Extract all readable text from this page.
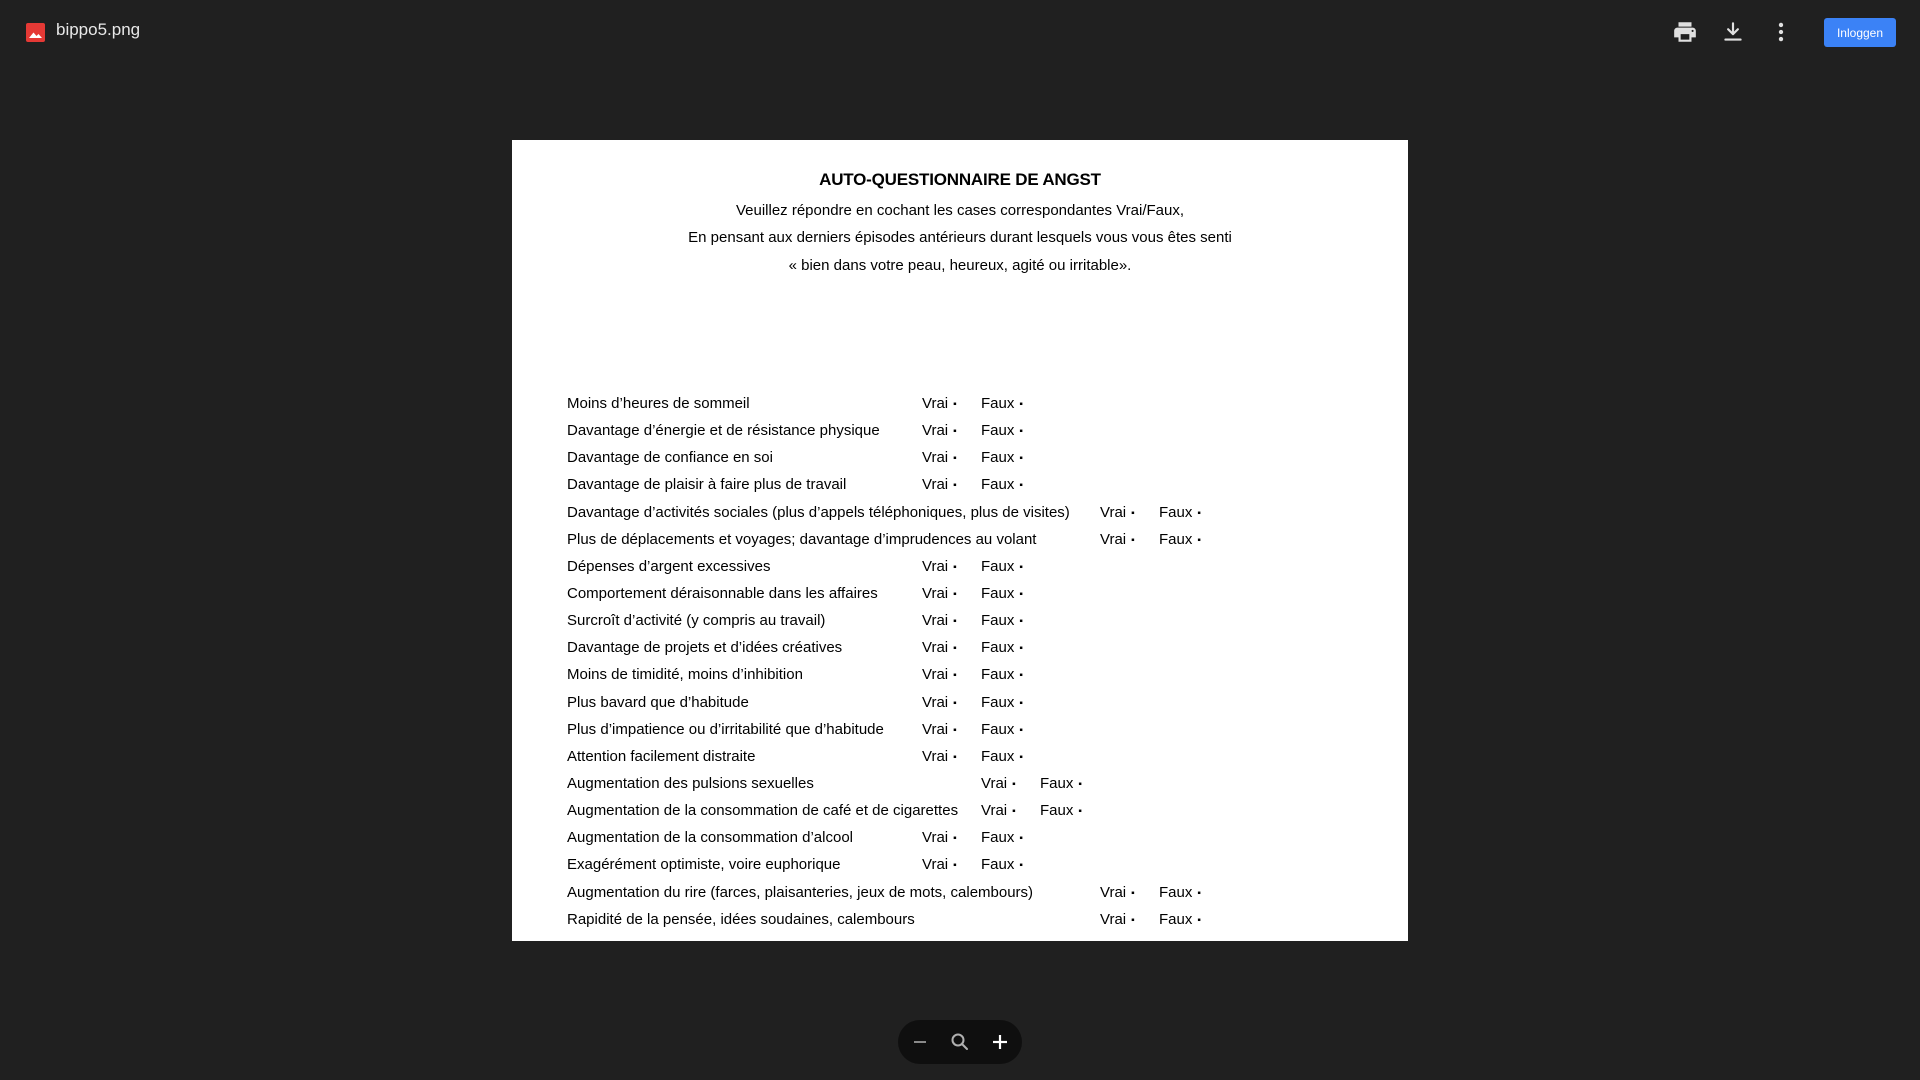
bippo5.png	Inloggen
AUTO-QUESTIONNAIRE DE ANGST
Veuillez répondre en cochant les cases correspondantes Vrai/Faux,
En pensant aux derniers épisodes antérieurs durant lesquels vous vous êtes senti
« bien dans votre peau, heureux, agité ou irritable».
Moins d’heures de sommeil	Vrai ▪ Faux ▪
Davantage d’énergie et de résistance physique	Vrai ▪ Faux ▪
Davantage de confiance en soi	Vrai ▪ Faux ▪
Davantage de plaisir à faire plus de travail	Vrai ▪ Faux ▪
Davantage d’activités sociales (plus d’appels téléphoniques, plus de visites) Vrai ▪ Faux ▪
Plus de déplacements et voyages; davantage d’imprudences au volant	Vrai ▪ Faux ▪
Dépenses d’argent excessives	Vrai ▪ Faux ▪
Comportement déraisonnable dans les affaires	Vrai ▪ Faux ▪
Surcroît d’activité (y compris au travail)	Vrai ▪ Faux ▪
Davantage de projets et d’idées créatives	Vrai ▪ Faux ▪
Moins de timidité, moins d’inhibition	Vrai ▪ Faux ▪
Plus bavard que d’habitude	Vrai ▪ Faux ▪
Plus d’impatience ou d’irritabilité que d’habitude	Vrai ▪ Faux ▪
Attention facilement distraite	Vrai ▪ Faux ▪
Augmentation des pulsions sexuelles	Vrai ▪ Faux ▪
Augmentation de la consommation de café et de cigarettes Vrai ▪ Faux ▪
Augmentation de la consommation d’alcool	Vrai ▪ Faux ▪
Exagérément optimiste, voire euphorique	Vrai ▪ Faux ▪
Augmentation du rire (farces, plaisanteries, jeux de mots, calembours)	Vrai ▪ Faux ▪
Rapidité de la pensée, idées soudaines, calembours	Vrai ▪ Faux ▪
